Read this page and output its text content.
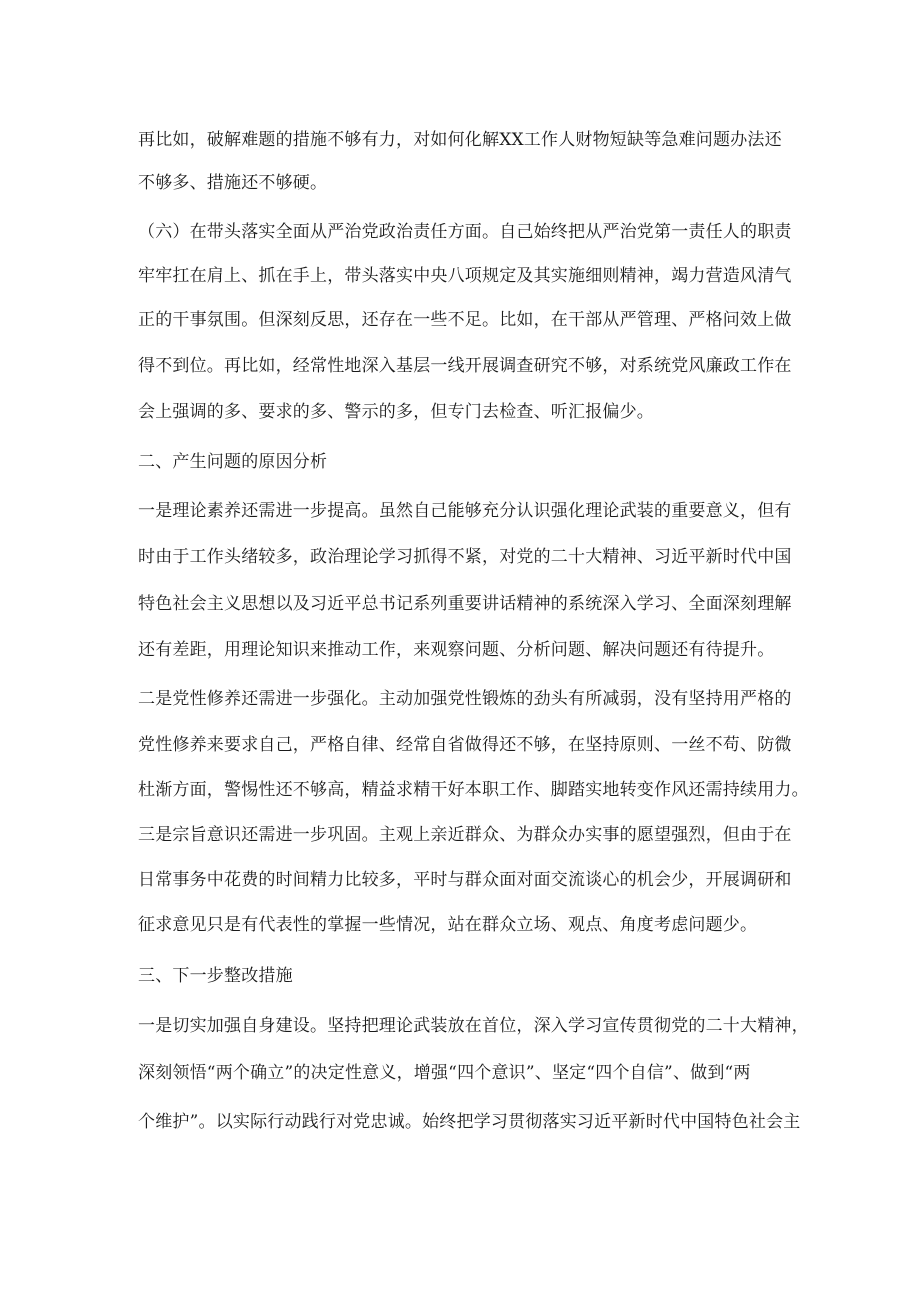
再比如，破解难题的措施不够有力，对如何化解XX工作人财物短缺等急难问题办法还
不够多、措施还不够硬。
（六）在带头落实全面从严治党政治责任方面。自己始终把从严治党第一责任人的职责
牢牢扛在肩上、抓在手上，带头落实中央八项规定及其实施细则精神，竭力营造风清气
正的干事氛围。但深刻反思，还存在一些不足。比如，在干部从严管理、严格问效上做
得不到位。再比如，经常性地深入基层一线开展调查研究不够，对系统党风廉政工作在
会上强调的多、要求的多、警示的多，但专门去检查、听汇报偏少。
二、产生问题的原因分析
一是理论素养还需进一步提高。虽然自己能够充分认识强化理论武装的重要意义，但有
时由于工作头绪较多，政治理论学习抓得不紧，对党的二十大精神、习近平新时代中国
特色社会主义思想以及习近平总书记系列重要讲话精神的系统深入学习、全面深刻理解
还有差距，用理论知识来推动工作，来观察问题、分析问题、解决问题还有待提升。
二是党性修养还需进一步强化。主动加强党性锻炼的劲头有所减弱，没有坚持用严格的
党性修养来要求自己，严格自律、经常自省做得还不够，在坚持原则、一丝不苟、防微
杜渐方面，警惕性还不够高，精益求精干好本职工作、脚踏实地转变作风还需持续用力。
三是宗旨意识还需进一步巩固。主观上亲近群众、为群众办实事的愿望强烈，但由于在
日常事务中花费的时间精力比较多，平时与群众面对面交流谈心的机会少，开展调研和
征求意见只是有代表性的掌握一些情况，站在群众立场、观点、角度考虑问题少。
三、下一步整改措施
一是切实加强自身建设。坚持把理论武装放在首位，深入学习宣传贯彻党的二十大精神，
深刻领悟“两个确立”的决定性意义，增强“四个意识”、坚定“四个自信”、做到“两
个维护”。以实际行动践行对党忠诚。始终把学习贯彻落实习近平新时代中国特色社会主
